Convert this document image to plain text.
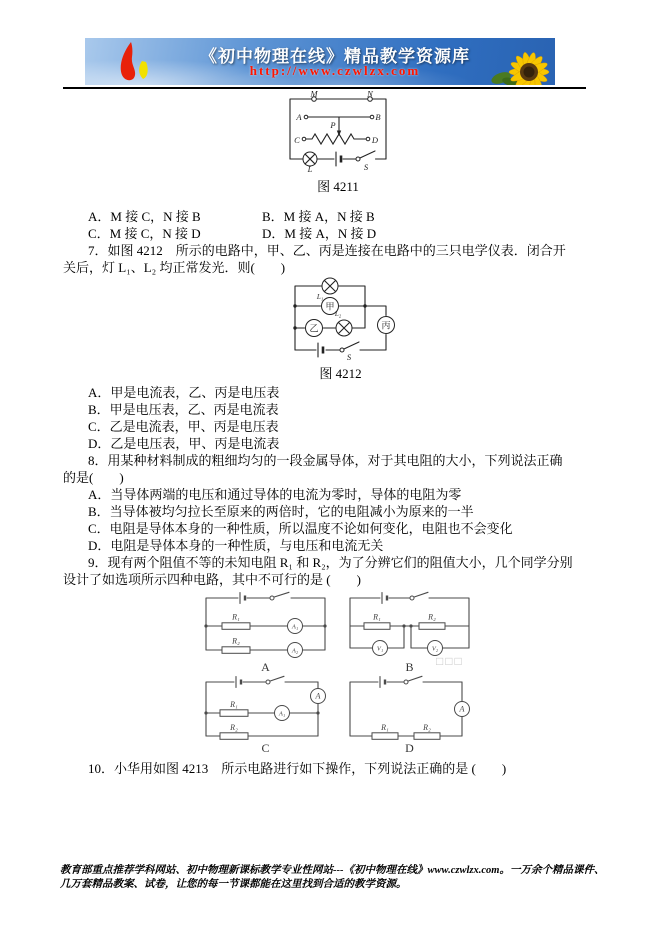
《初中物理在线》精品教学资源库
http://www.czwlzx.com
M	N
A	B
P
C	D
L	S
图 4211
A．M 接 C，N 接 B	B．M 接 A，N 接 B
C．M 接 C，N 接 D	D．M 接 A，N 接 D
7．如图 4212　所示的电路中，甲、乙、丙是连接在电路中的三只电学仪表．闭合开
关后，灯 L₁、L₂ 均正常发光．则(　　)
甲
乙	丙
L₁
L₂
S
图 4212
A．甲是电流表，乙、丙是电压表
B．甲是电压表，乙、丙是电流表
C．乙是电流表，甲、丙是电压表
D．乙是电压表，甲、丙是电流表
8．用某种材料制成的粗细均匀的一段金属导体，对于其电阻的大小，下列说法正确
的是(　　)
A．当导体两端的电压和通过导体的电流为零时，导体的电阻为零
B．当导体被均匀拉长至原来的两倍时，它的电阻减小为原来的一半
C．电阻是导体本身的一种性质，所以温度不论如何变化，电阻也不会变化
D．电阻是导体本身的一种性质，与电压和电流无关
9．现有两个阻值不等的未知电阻 R₁ 和 R₂，为了分辨它们的阻值大小，几个同学分别
设计了如选项所示四种电路，其中不可行的是 (　　)
R₁
R₂
A₁
A₂
A
R₁	R₂
V₁	V₂
B	□□□
R₁
R₂
A₁
A
C
R₁	R₂
A
D
10．小华用如图 4213　所示电路进行如下操作，下列说法正确的是 (　　)
教育部重点推荐学科网站、初中物理新课标教学专业性网站---《初中物理在线》www.czwlzx.com。一万余个精品课件、
几万套精品教案、试卷，让您的每一节课都能在这里找到合适的教学资源。
